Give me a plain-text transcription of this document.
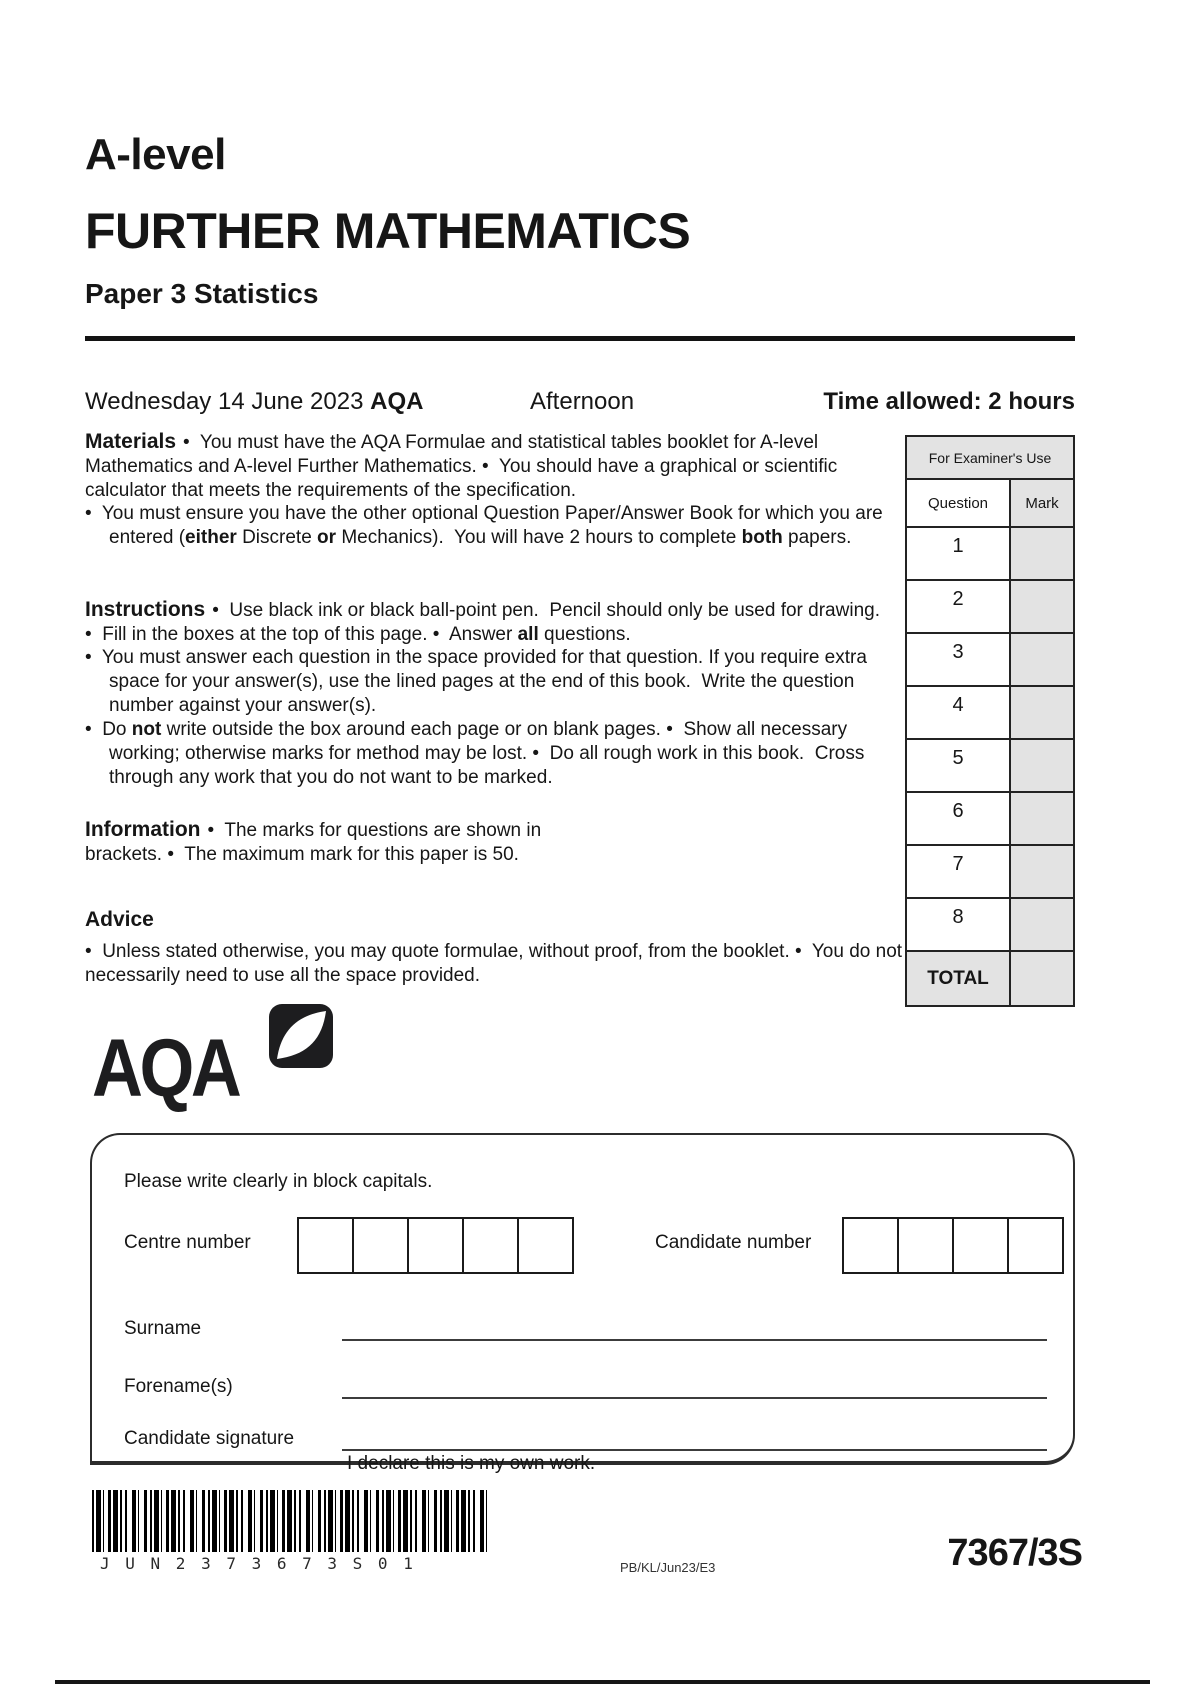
A-level
FURTHER MATHEMATICS
Paper 3 Statistics
Wednesday 14 June 2023 AQA	Afternoon	Time allowed: 2 hours

Materials •  You must have the AQA Formulae and statistical tables booklet for A-level Mathematics and A-level Further Mathematics. •  You should have a graphical or scientific calculator that meets the requirements of the specification.

•  You must ensure you have the other optional Question Paper/Answer Book for which you are entered (either Discrete or Mechanics).  You will have 2 hours to complete both papers.

Instructions •  Use black ink or black ball-point pen.  Pencil should only be used for drawing. •  Fill in the boxes at the top of this page. •  Answer all questions.

•  You must answer each question in the space provided for that question. If you require extra space for your answer(s), use the lined pages at the end of this book.  Write the question number against your answer(s).

•  Do not write outside the box around each page or on blank pages. •  Show all necessary working; otherwise marks for method may be lost. •  Do all rough work in this book.  Cross through any work that you do not want to be marked.

Information •  The marks for questions are shown in brackets. •  The maximum mark for this paper is 50.

Advice

•  Unless stated otherwise, you may quote formulae, without proof, from the booklet. •  You do not necessarily need to use all the space provided.

For Examiner's Use
Question	Mark
1
2
3
4
5
6
7
8
TOTAL
AQA
Please write clearly in block capitals.
Centre number	Candidate number
Surname
Forename(s)
Candidate signature
I declare this is my own work.
J U N 2 3 7 3 6 7 3 S 0 1	PB/KL/Jun23/E3	7367/3S
